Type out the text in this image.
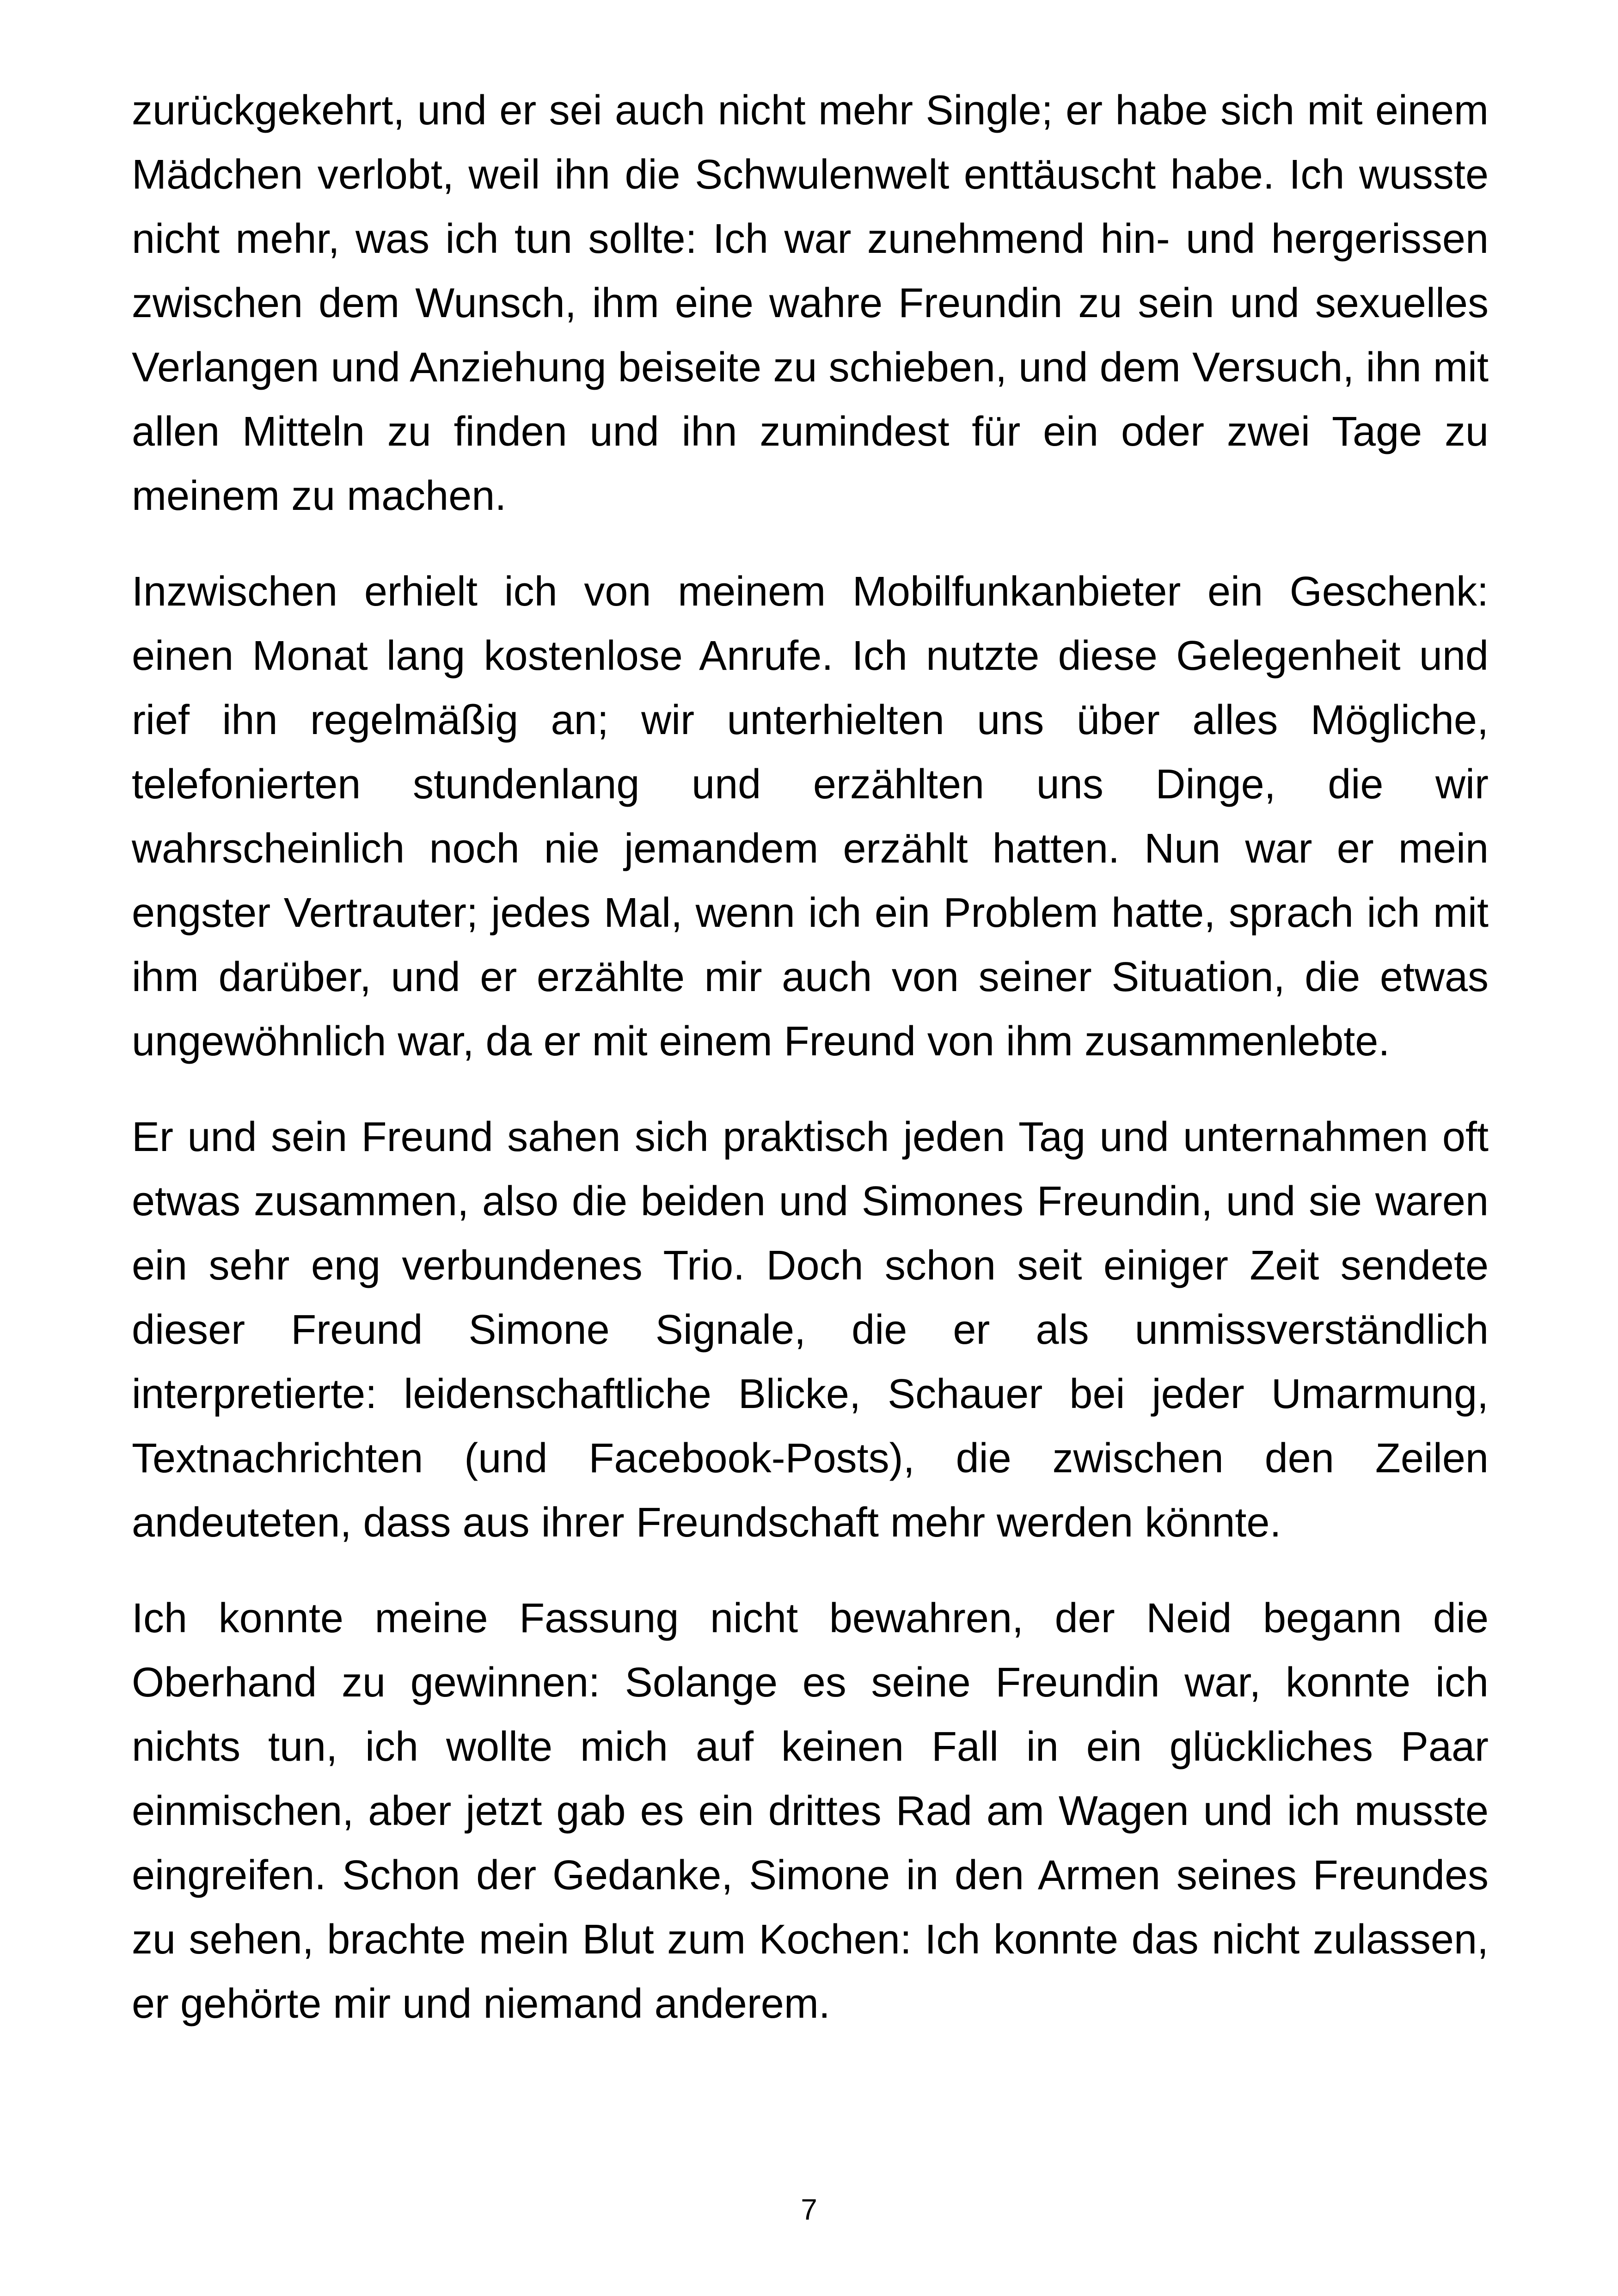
zurückgekehrt, und er sei auch nicht mehr Single; er habe sich mit einem Mädchen verlobt, weil ihn die Schwulenwelt enttäuscht habe. Ich wusste nicht mehr, was ich tun sollte: Ich war zunehmend hin- und hergerissen zwischen dem Wunsch, ihm eine wahre Freundin zu sein und sexuelles Verlangen und Anziehung beiseite zu schieben, und dem Versuch, ihn mit allen Mitteln zu finden und ihn zumindest für ein oder zwei Tage zu meinem zu machen.

Inzwischen erhielt ich von meinem Mobilfunkanbieter ein Geschenk: einen Monat lang kostenlose Anrufe. Ich nutzte diese Gelegenheit und rief ihn regelmäßig an; wir unterhielten uns über alles Mögliche, telefonierten stundenlang und erzählten uns Dinge, die wir wahrscheinlich noch nie jemandem erzählt hatten. Nun war er mein engster Vertrauter; jedes Mal, wenn ich ein Problem hatte, sprach ich mit ihm darüber, und er erzählte mir auch von seiner Situation, die etwas ungewöhnlich war, da er mit einem Freund von ihm zusammenlebte.

Er und sein Freund sahen sich praktisch jeden Tag und unternahmen oft etwas zusammen, also die beiden und Simones Freundin, und sie waren ein sehr eng verbundenes Trio. Doch schon seit einiger Zeit sendete dieser Freund Simone Signale, die er als unmissverständlich interpretierte: leidenschaftliche Blicke, Schauer bei jeder Umarmung, Textnachrichten (und Facebook-Posts), die zwischen den Zeilen andeuteten, dass aus ihrer Freundschaft mehr werden könnte.

Ich konnte meine Fassung nicht bewahren, der Neid begann die Oberhand zu gewinnen: Solange es seine Freundin war, konnte ich nichts tun, ich wollte mich auf keinen Fall in ein glückliches Paar einmischen, aber jetzt gab es ein drittes Rad am Wagen und ich musste eingreifen. Schon der Gedanke, Simone in den Armen seines Freundes zu sehen, brachte mein Blut zum Kochen: Ich konnte das nicht zulassen, er gehörte mir und niemand anderem.

7
